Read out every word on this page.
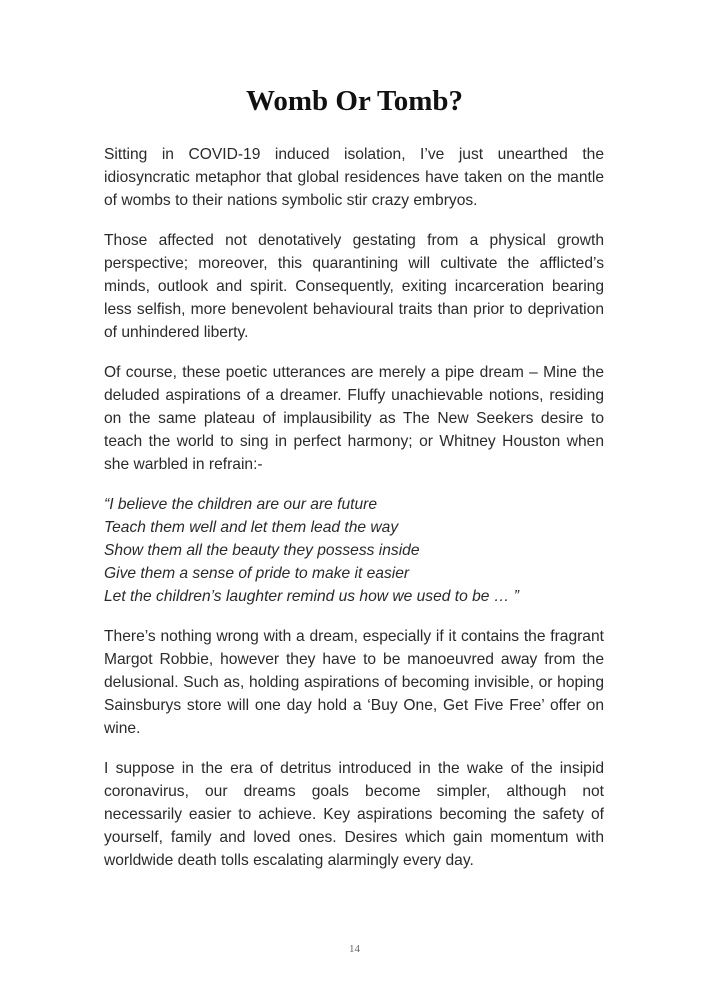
Womb Or Tomb?

Sitting in COVID-19 induced isolation, I’ve just unearthed the idiosyncratic metaphor that global residences have taken on the mantle of wombs to their nations symbolic stir crazy embryos.

Those affected not denotatively gestating from a physical growth perspective; moreover, this quarantining will cultivate the afflicted’s minds, outlook and spirit. Consequently, exiting incarceration bearing less selfish, more benevolent behavioural traits than prior to deprivation of unhindered liberty.

Of course, these poetic utterances are merely a pipe dream – Mine the deluded aspirations of a dreamer. Fluffy unachievable notions, residing on the same plateau of implausibility as The New Seekers desire to teach the world to sing in perfect harmony; or Whitney Houston when she warbled in refrain:-

“I believe the children are our are future
Teach them well and let them lead the way
Show them all the beauty they possess inside
Give them a sense of pride to make it easier
Let the children’s laughter remind us how we used to be … ”

There’s nothing wrong with a dream, especially if it contains the fragrant Margot Robbie, however they have to be manoeuvred away from the delusional. Such as, holding aspirations of becoming invisible, or hoping Sainsburys store will one day hold a ‘Buy One, Get Five Free’ offer on wine.

I suppose in the era of detritus introduced in the wake of the insipid coronavirus, our dreams goals become simpler, although not necessarily easier to achieve. Key aspirations becoming the safety of yourself, family and loved ones. Desires which gain momentum with worldwide death tolls escalating alarmingly every day.

14
